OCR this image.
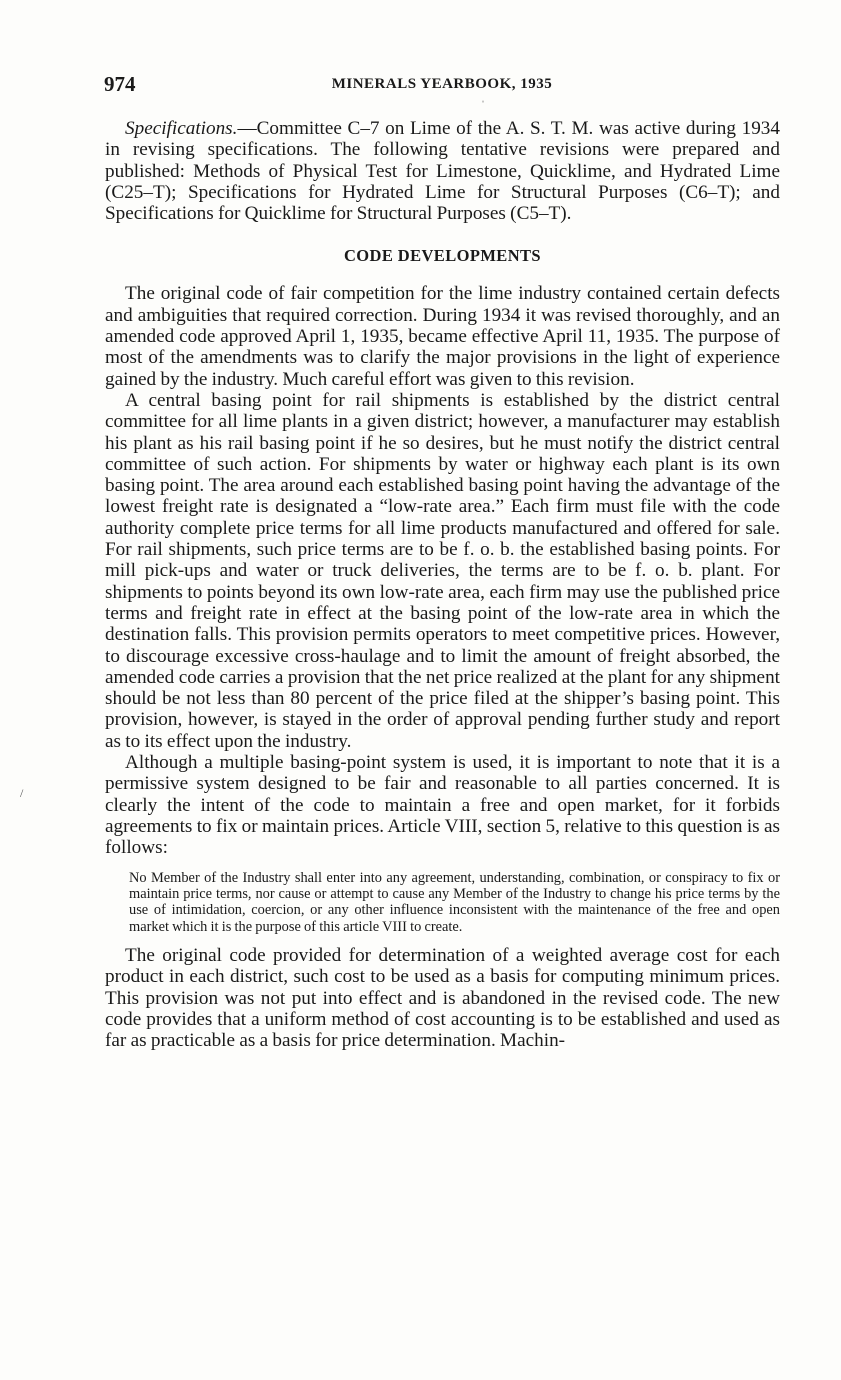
974	MINERALS YEARBOOK, 1935

Specifications.—Committee C–7 on Lime of the A. S. T. M. was active during 1934 in revising specifications. The following tentative revisions were prepared and published: Methods of Physical Test for Limestone, Quicklime, and Hydrated Lime (C25–T); Specifications for Hydrated Lime for Structural Purposes (C6–T); and Specifications for Quicklime for Structural Purposes (C5–T).

CODE DEVELOPMENTS

The original code of fair competition for the lime industry contained certain defects and ambiguities that required correction. During 1934 it was revised thoroughly, and an amended code approved April 1, 1935, became effective April 11, 1935. The purpose of most of the amendments was to clarify the major provisions in the light of experience gained by the industry. Much careful effort was given to this revision.

A central basing point for rail shipments is established by the district central committee for all lime plants in a given district; however, a manufacturer may establish his plant as his rail basing point if he so desires, but he must notify the district central committee of such action. For shipments by water or highway each plant is its own basing point. The area around each established basing point having the advantage of the lowest freight rate is designated a “low-rate area.” Each firm must file with the code authority complete price terms for all lime products manufactured and offered for sale. For rail shipments, such price terms are to be f. o. b. the established basing points. For mill pick-ups and water or truck deliveries, the terms are to be f. o. b. plant. For shipments to points beyond its own low-rate area, each firm may use the published price terms and freight rate in effect at the basing point of the low-rate area in which the destination falls. This provision permits operators to meet competitive prices. However, to discourage excessive cross-haulage and to limit the amount of freight absorbed, the amended code carries a provision that the net price realized at the plant for any shipment should be not less than 80 percent of the price filed at the shipper’s basing point. This provision, however, is stayed in the order of approval pending further study and report as to its effect upon the industry.

Although a multiple basing-point system is used, it is important to note that it is a permissive system designed to be fair and reasonable to all parties concerned. It is clearly the intent of the code to maintain a free and open market, for it forbids agreements to fix or maintain prices. Article VIII, section 5, relative to this question is as follows:

No Member of the Industry shall enter into any agreement, understanding, combination, or conspiracy to fix or maintain price terms, nor cause or attempt to cause any Member of the Industry to change his price terms by the use of intimidation, coercion, or any other influence inconsistent with the maintenance of the free and open market which it is the purpose of this article VIII to create.

The original code provided for determination of a weighted average cost for each product in each district, such cost to be used as a basis for computing minimum prices. This provision was not put into effect and is abandoned in the revised code. The new code provides that a uniform method of cost accounting is to be established and used as far as practicable as a basis for price determination. Machin-

ˈ
/
